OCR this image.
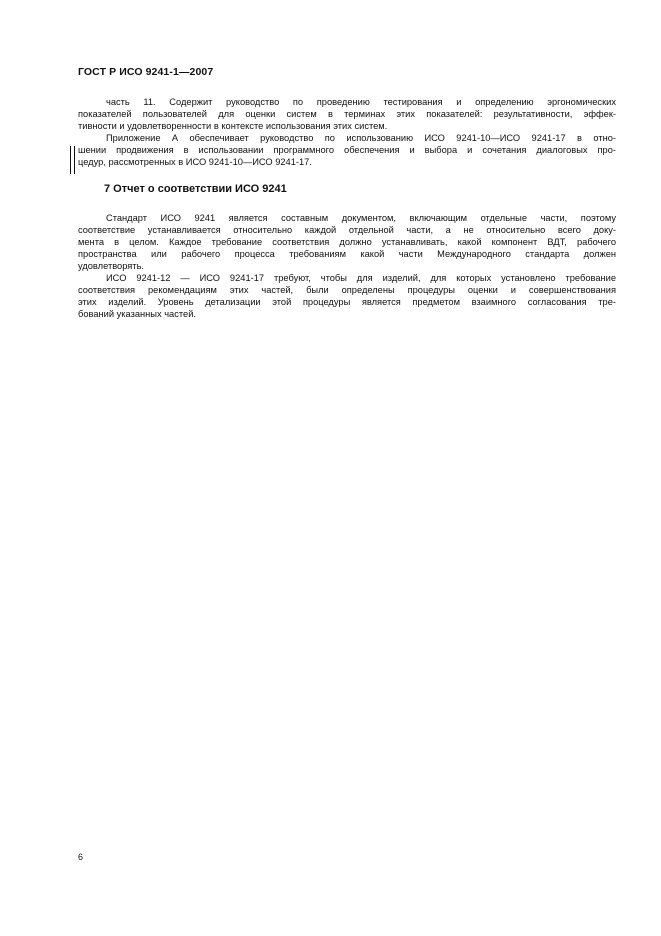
ГОСТ Р ИСО 9241-1—2007
часть 11. Содержит руководство по проведению тестирования и определению эргономических
показателей пользователей для оценки систем в терминах этих показателей: результативности, эффек-
тивности и удовлетворенности в контексте использования этих систем.
Приложение А обеспечивает руководство по использованию ИСО 9241-10—ИСО 9241-17 в отно-
шении продвижения в использовании программного обеспечения и выбора и сочетания диалоговых про-
цедур, рассмотренных в ИСО 9241-10—ИСО 9241-17.
7 Отчет о соответствии ИСО 9241
Стандарт ИСО 9241 является составным документом, включающим отдельные части, поэтому
соответствие устанавливается относительно каждой отдельной части, а не относительно всего доку-
мента в целом. Каждое требование соответствия должно устанавливать, какой компонент ВДТ, рабочего
пространства или рабочего процесса требованиям какой части Международного стандарта должен
удовлетворять.
ИСО 9241-12 — ИСО 9241-17 требуют, чтобы для изделий, для которых установлено требование
соответствия рекомендациям этих частей, были определены процедуры оценки и совершенствования
этих изделий. Уровень детализации этой процедуры является предметом взаимного согласования тре-
бований указанных частей.
6
